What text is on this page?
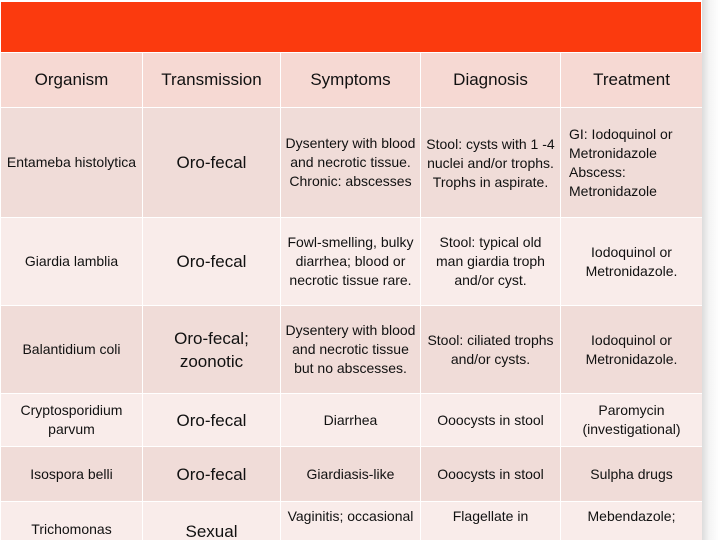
Organism	Transmission	Symptoms	Diagnosis	Treatment
Entameba histolytica	Oro-fecal	Dysentery with blood and necrotic tissue. Chronic: abscesses	Stool: cysts with 1 -4 nuclei and/or trophs. Trophs in aspirate.	GI: Iodoquinol or Metronidazole Abscess: Metronidazole
Giardia lamblia	Oro-fecal	Fowl-smelling, bulky diarrhea; blood or necrotic tissue rare.	Stool: typical old man giardia troph and/or cyst.	Iodoquinol or Metronidazole.
Balantidium coli	Oro-fecal; zoonotic	Dysentery with blood and necrotic tissue but no abscesses.	Stool: ciliated trophs and/or cysts.	Iodoquinol or Metronidazole.
Cryptosporidium parvum	Oro-fecal	Diarrhea	Ooocysts in stool	Paromycin (investigational)
Isospora belli	Oro-fecal	Giardiasis-like	Ooocysts in stool	Sulpha drugs
Trichomonas	Sexual	Vaginitis; occasional	Flagellate in	Mebendazole;
